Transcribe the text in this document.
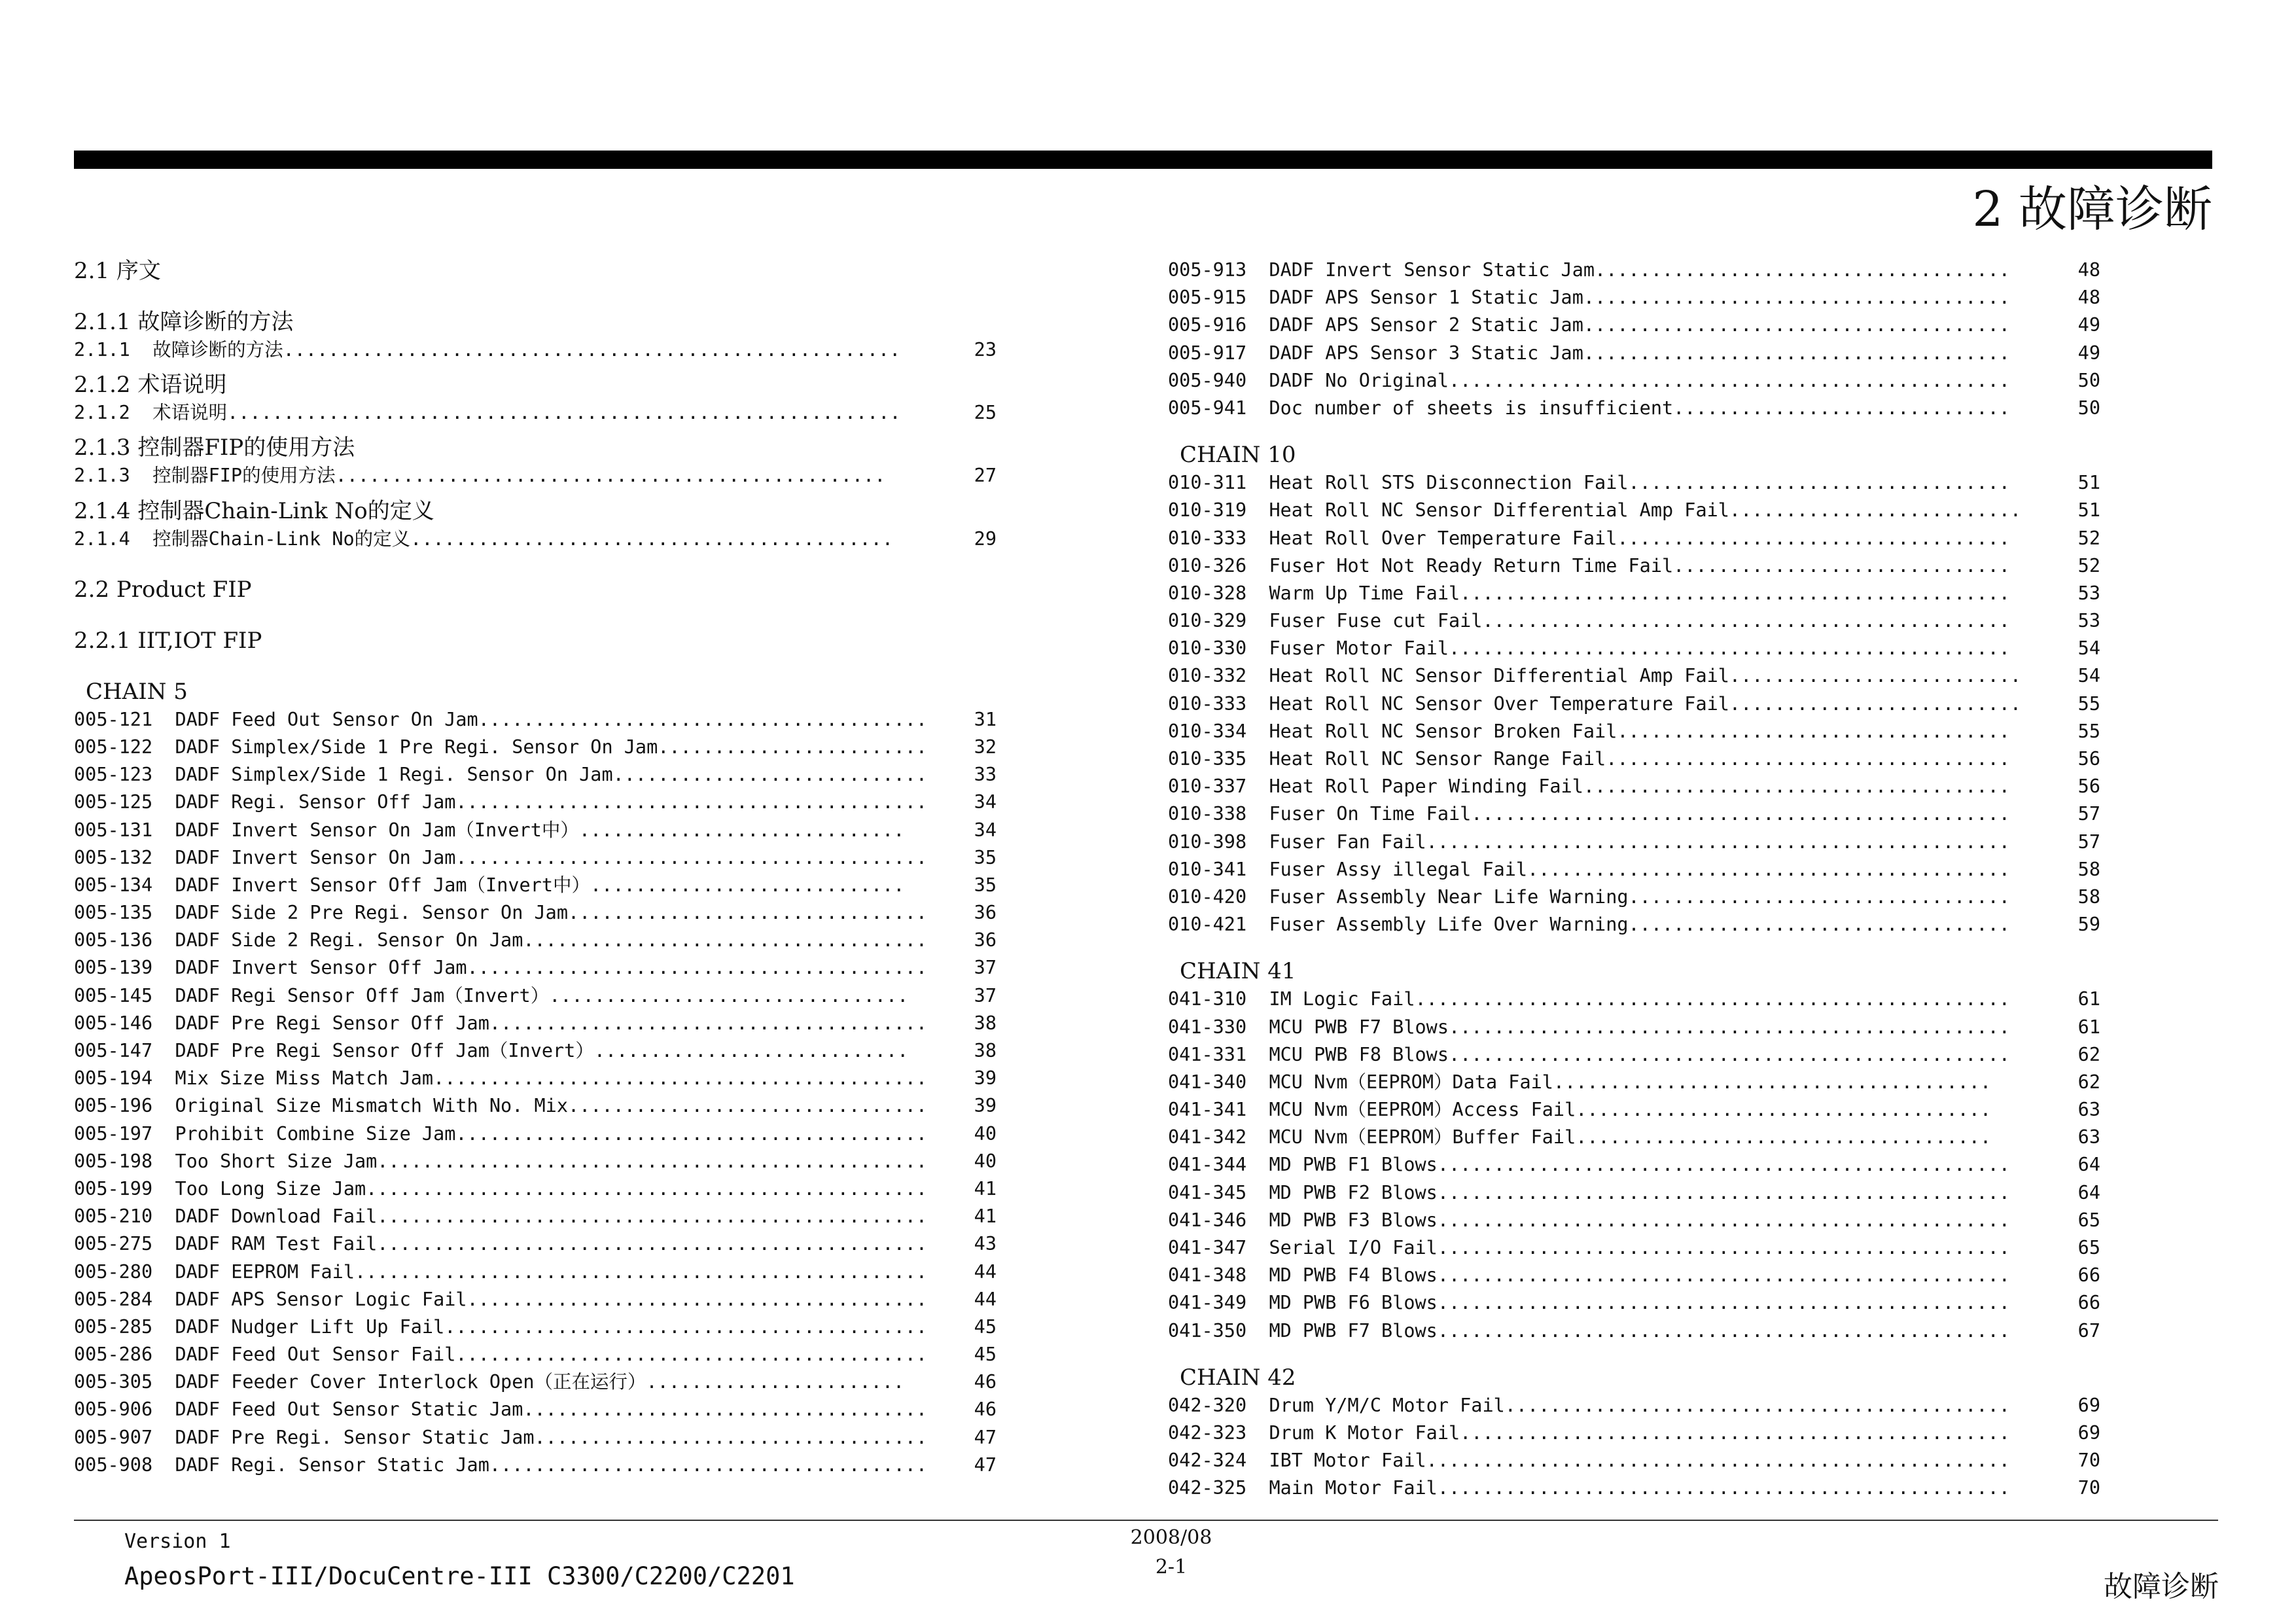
2 故障诊断
2.1 序文
2.1.1 故障诊断的方法
2.1.1 故障诊断的方法.......................................................	23
2.1.2 术语说明
2.1.2 术语说明............................................................	25
2.1.3 控制器FIP的使用方法
2.1.3 控制器FIP的使用方法.................................................	27
2.1.4 控制器Chain-Link No的定义
2.1.4 控制器Chain-Link No的定义...........................................	29
2.2 Product FIP
2.2.1 IIT,IOT FIP
CHAIN 5
005-121 DADF Feed Out Sensor On Jam........................................	31
005-122 DADF Simplex/Side 1 Pre Regi. Sensor On Jam........................	32
005-123 DADF Simplex/Side 1 Regi. Sensor On Jam............................	33
005-125 DADF Regi. Sensor Off Jam..........................................	34
005-131 DADF Invert Sensor On Jam（Invert中）.............................	34
005-132 DADF Invert Sensor On Jam..........................................	35
005-134 DADF Invert Sensor Off Jam（Invert中）............................	35
005-135 DADF Side 2 Pre Regi. Sensor On Jam................................	36
005-136 DADF Side 2 Regi. Sensor On Jam....................................	36
005-139 DADF Invert Sensor Off Jam.........................................	37
005-145 DADF Regi Sensor Off Jam（Invert）................................	37
005-146 DADF Pre Regi Sensor Off Jam.......................................	38
005-147 DADF Pre Regi Sensor Off Jam（Invert）............................	38
005-194 Mix Size Miss Match Jam............................................	39
005-196 Original Size Mismatch With No. Mix................................	39
005-197 Prohibit Combine Size Jam..........................................	40
005-198 Too Short Size Jam.................................................	40
005-199 Too Long Size Jam..................................................	41
005-210 DADF Download Fail.................................................	41
005-275 DADF RAM Test Fail.................................................	43
005-280 DADF EEPROM Fail...................................................	44
005-284 DADF APS Sensor Logic Fail.........................................	44
005-285 DADF Nudger Lift Up Fail...........................................	45
005-286 DADF Feed Out Sensor Fail..........................................	45
005-305 DADF Feeder Cover Interlock Open（正在运行）.......................	46
005-906 DADF Feed Out Sensor Static Jam....................................	46
005-907 DADF Pre Regi. Sensor Static Jam...................................	47
005-908 DADF Regi. Sensor Static Jam.......................................	47
005-913 DADF Invert Sensor Static Jam.....................................	48
005-915 DADF APS Sensor 1 Static Jam......................................	48
005-916 DADF APS Sensor 2 Static Jam......................................	49
005-917 DADF APS Sensor 3 Static Jam......................................	49
005-940 DADF No Original..................................................	50
005-941 Doc number of sheets is insufficient..............................	50
CHAIN 10
010-311 Heat Roll STS Disconnection Fail..................................	51
010-319 Heat Roll NC Sensor Differential Amp Fail..........................	51
010-333 Heat Roll Over Temperature Fail...................................	52
010-326 Fuser Hot Not Ready Return Time Fail..............................	52
010-328 Warm Up Time Fail.................................................	53
010-329 Fuser Fuse cut Fail...............................................	53
010-330 Fuser Motor Fail..................................................	54
010-332 Heat Roll NC Sensor Differential Amp Fail..........................	54
010-333 Heat Roll NC Sensor Over Temperature Fail..........................	55
010-334 Heat Roll NC Sensor Broken Fail...................................	55
010-335 Heat Roll NC Sensor Range Fail....................................	56
010-337 Heat Roll Paper Winding Fail......................................	56
010-338 Fuser On Time Fail................................................	57
010-398 Fuser Fan Fail....................................................	57
010-341 Fuser Assy illegal Fail...........................................	58
010-420 Fuser Assembly Near Life Warning..................................	58
010-421 Fuser Assembly Life Over Warning..................................	59
CHAIN 41
041-310 IM Logic Fail.....................................................	61
041-330 MCU PWB F7 Blows..................................................	61
041-331 MCU PWB F8 Blows..................................................	62
041-340 MCU Nvm（EEPROM）Data Fail.......................................	62
041-341 MCU Nvm（EEPROM）Access Fail.....................................	63
041-342 MCU Nvm（EEPROM）Buffer Fail.....................................	63
041-344 MD PWB F1 Blows...................................................	64
041-345 MD PWB F2 Blows...................................................	64
041-346 MD PWB F3 Blows...................................................	65
041-347 Serial I/O Fail...................................................	65
041-348 MD PWB F4 Blows...................................................	66
041-349 MD PWB F6 Blows...................................................	66
041-350 MD PWB F7 Blows...................................................	67
CHAIN 42
042-320 Drum Y/M/C Motor Fail.............................................	69
042-323 Drum K Motor Fail.................................................	69
042-324 IBT Motor Fail....................................................	70
042-325 Main Motor Fail...................................................	70
Version 1
ApeosPort-III/DocuCentre-III C3300/C2200/C2201
2008/08
2-1
故障诊断
